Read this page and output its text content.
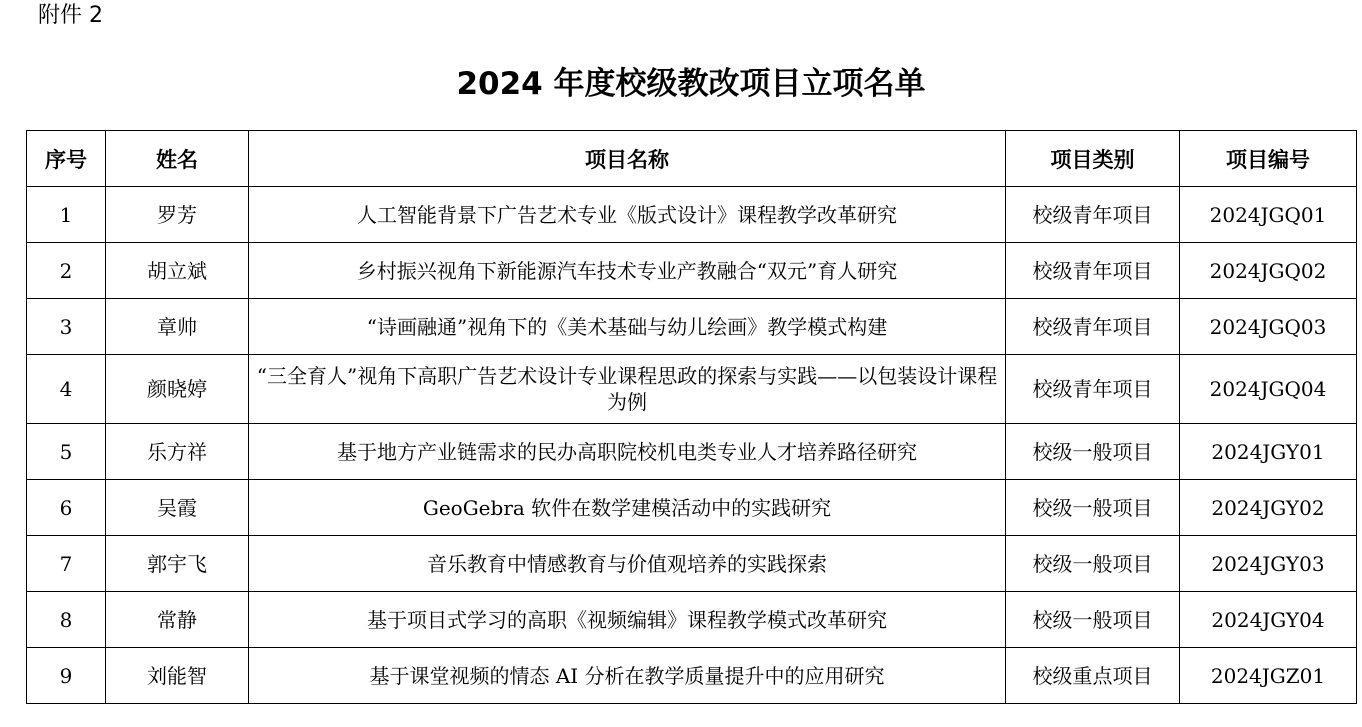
附件 2
2024 年度校级教改项目立项名单
序号	姓名	项目名称	项目类别	项目编号
1	罗芳	人工智能背景下广告艺术专业《版式设计》课程教学改革研究	校级青年项目	2024JGQ01
2	胡立斌	乡村振兴视角下新能源汽车技术专业产教融合“双元”育人研究	校级青年项目	2024JGQ02
3	章帅	“诗画融通”视角下的《美术基础与幼儿绘画》教学模式构建	校级青年项目	2024JGQ03
4	颜晓婷	“三全育人”视角下高职广告艺术设计专业课程思政的探索与实践——以包装设计课程为例	校级青年项目	2024JGQ04
5	乐方祥	基于地方产业链需求的民办高职院校机电类专业人才培养路径研究	校级一般项目	2024JGY01
6	吴霞	GeoGebra 软件在数学建模活动中的实践研究	校级一般项目	2024JGY02
7	郭宇飞	音乐教育中情感教育与价值观培养的实践探索	校级一般项目	2024JGY03
8	常静	基于项目式学习的高职《视频编辑》课程教学模式改革研究	校级一般项目	2024JGY04
9	刘能智	基于课堂视频的情态 AI 分析在教学质量提升中的应用研究	校级重点项目	2024JGZ01
